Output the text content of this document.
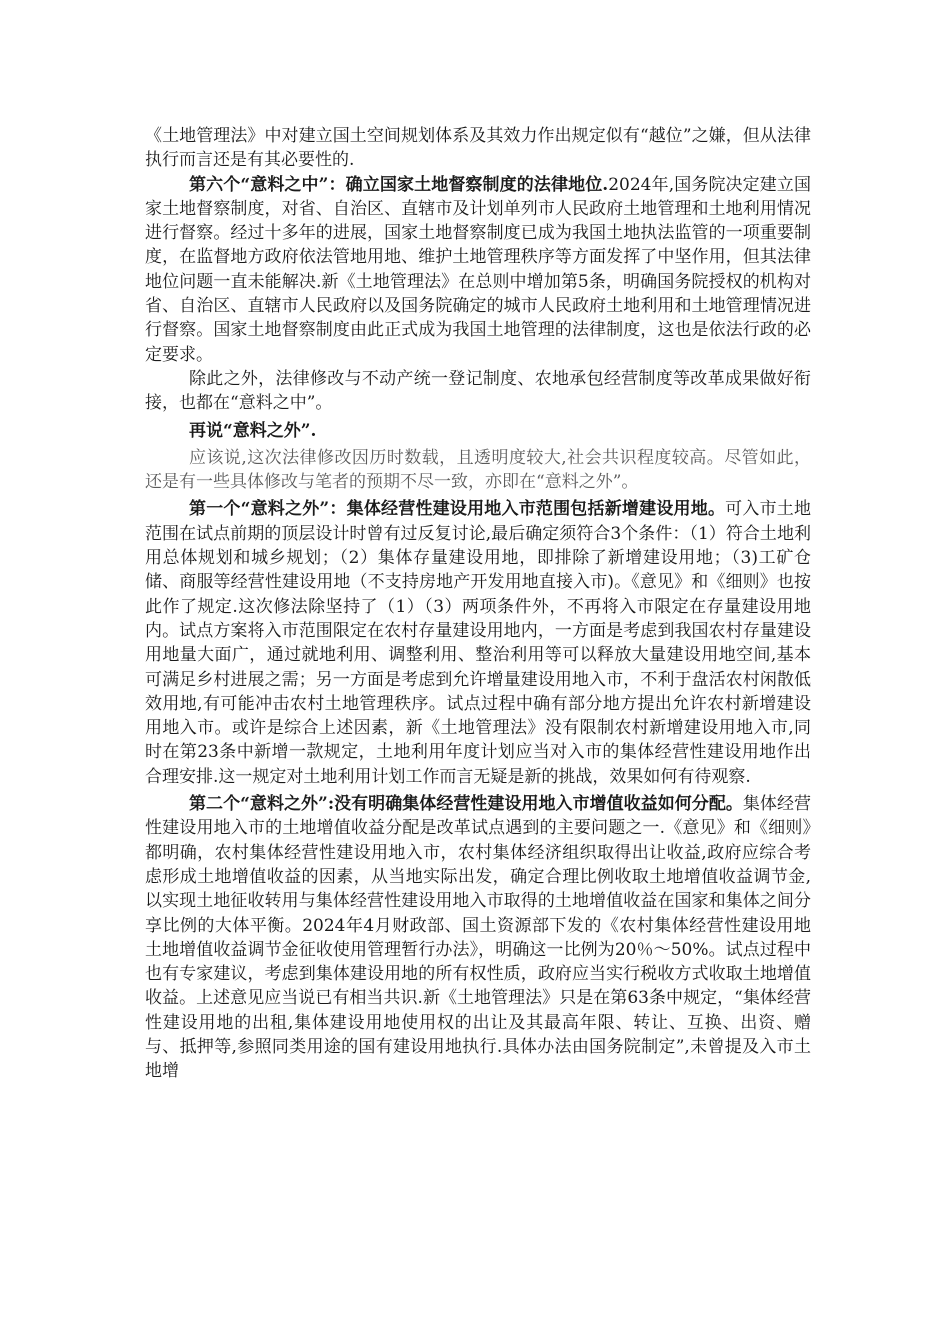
《土地管理法》中对建立国土空间规划体系及其效力作出规定似有“越位”之嫌，但从法律执行而言还是有其必要性的.

第六个“意料之中”：确立国家土地督察制度的法律地位.2024年,国务院决定建立国家土地督察制度，对省、自治区、直辖市及计划单列市人民政府土地管理和土地利用情况进行督察。经过十多年的进展，国家土地督察制度已成为我国土地执法监管的一项重要制度，在监督地方政府依法管地用地、维护土地管理秩序等方面发挥了中坚作用，但其法律地位问题一直未能解决.新《土地管理法》在总则中增加第5条，明确国务院授权的机构对省、自治区、直辖市人民政府以及国务院确定的城市人民政府土地利用和土地管理情况进行督察。国家土地督察制度由此正式成为我国土地管理的法律制度，这也是依法行政的必定要求。

除此之外，法律修改与不动产统一登记制度、农地承包经营制度等改革成果做好衔接，也都在“意料之中”。

再说“意料之外”.

应该说,这次法律修改因历时数载，且透明度较大,社会共识程度较高。尽管如此，还是有一些具体修改与笔者的预期不尽一致，亦即在“意料之外”。

第一个“意料之外”：集体经营性建设用地入市范围包括新增建设用地。可入市土地范围在试点前期的顶层设计时曾有过反复讨论,最后确定须符合3个条件：（1）符合土地利用总体规划和城乡规划；（2）集体存量建设用地，即排除了新增建设用地；（3)工矿仓储、商服等经营性建设用地（不支持房地产开发用地直接入市)。《意见》和《细则》也按此作了规定.这次修法除坚持了（1）（3）两项条件外，不再将入市限定在存量建设用地内。试点方案将入市范围限定在农村存量建设用地内，一方面是考虑到我国农村存量建设用地量大面广，通过就地利用、调整利用、整治利用等可以释放大量建设用地空间,基本可满足乡村进展之需；另一方面是考虑到允许增量建设用地入市，不利于盘活农村闲散低效用地,有可能冲击农村土地管理秩序。试点过程中确有部分地方提出允许农村新增建设用地入市。或许是综合上述因素，新《土地管理法》没有限制农村新增建设用地入市,同时在第23条中新增一款规定，土地利用年度计划应当对入市的集体经营性建设用地作出合理安排.这一规定对土地利用计划工作而言无疑是新的挑战，效果如何有待观察.

第二个“意料之外”:没有明确集体经营性建设用地入市增值收益如何分配。集体经营性建设用地入市的土地增值收益分配是改革试点遇到的主要问题之一.《意见》和《细则》都明确，农村集体经营性建设用地入市，农村集体经济组织取得出让收益,政府应综合考虑形成土地增值收益的因素，从当地实际出发，确定合理比例收取土地增值收益调节金,以实现土地征收转用与集体经营性建设用地入市取得的土地增值收益在国家和集体之间分享比例的大体平衡。2024年4月财政部、国土资源部下发的《农村集体经营性建设用地土地增值收益调节金征收使用管理暂行办法》，明确这一比例为20％～50%。试点过程中也有专家建议，考虑到集体建设用地的所有权性质，政府应当实行税收方式收取土地增值收益。上述意见应当说已有相当共识.新《土地管理法》只是在第63条中规定，“集体经营性建设用地的出租,集体建设用地使用权的出让及其最高年限、转让、互换、出资、赠与、抵押等,参照同类用途的国有建设用地执行.具体办法由国务院制定”,未曾提及入市土地增
